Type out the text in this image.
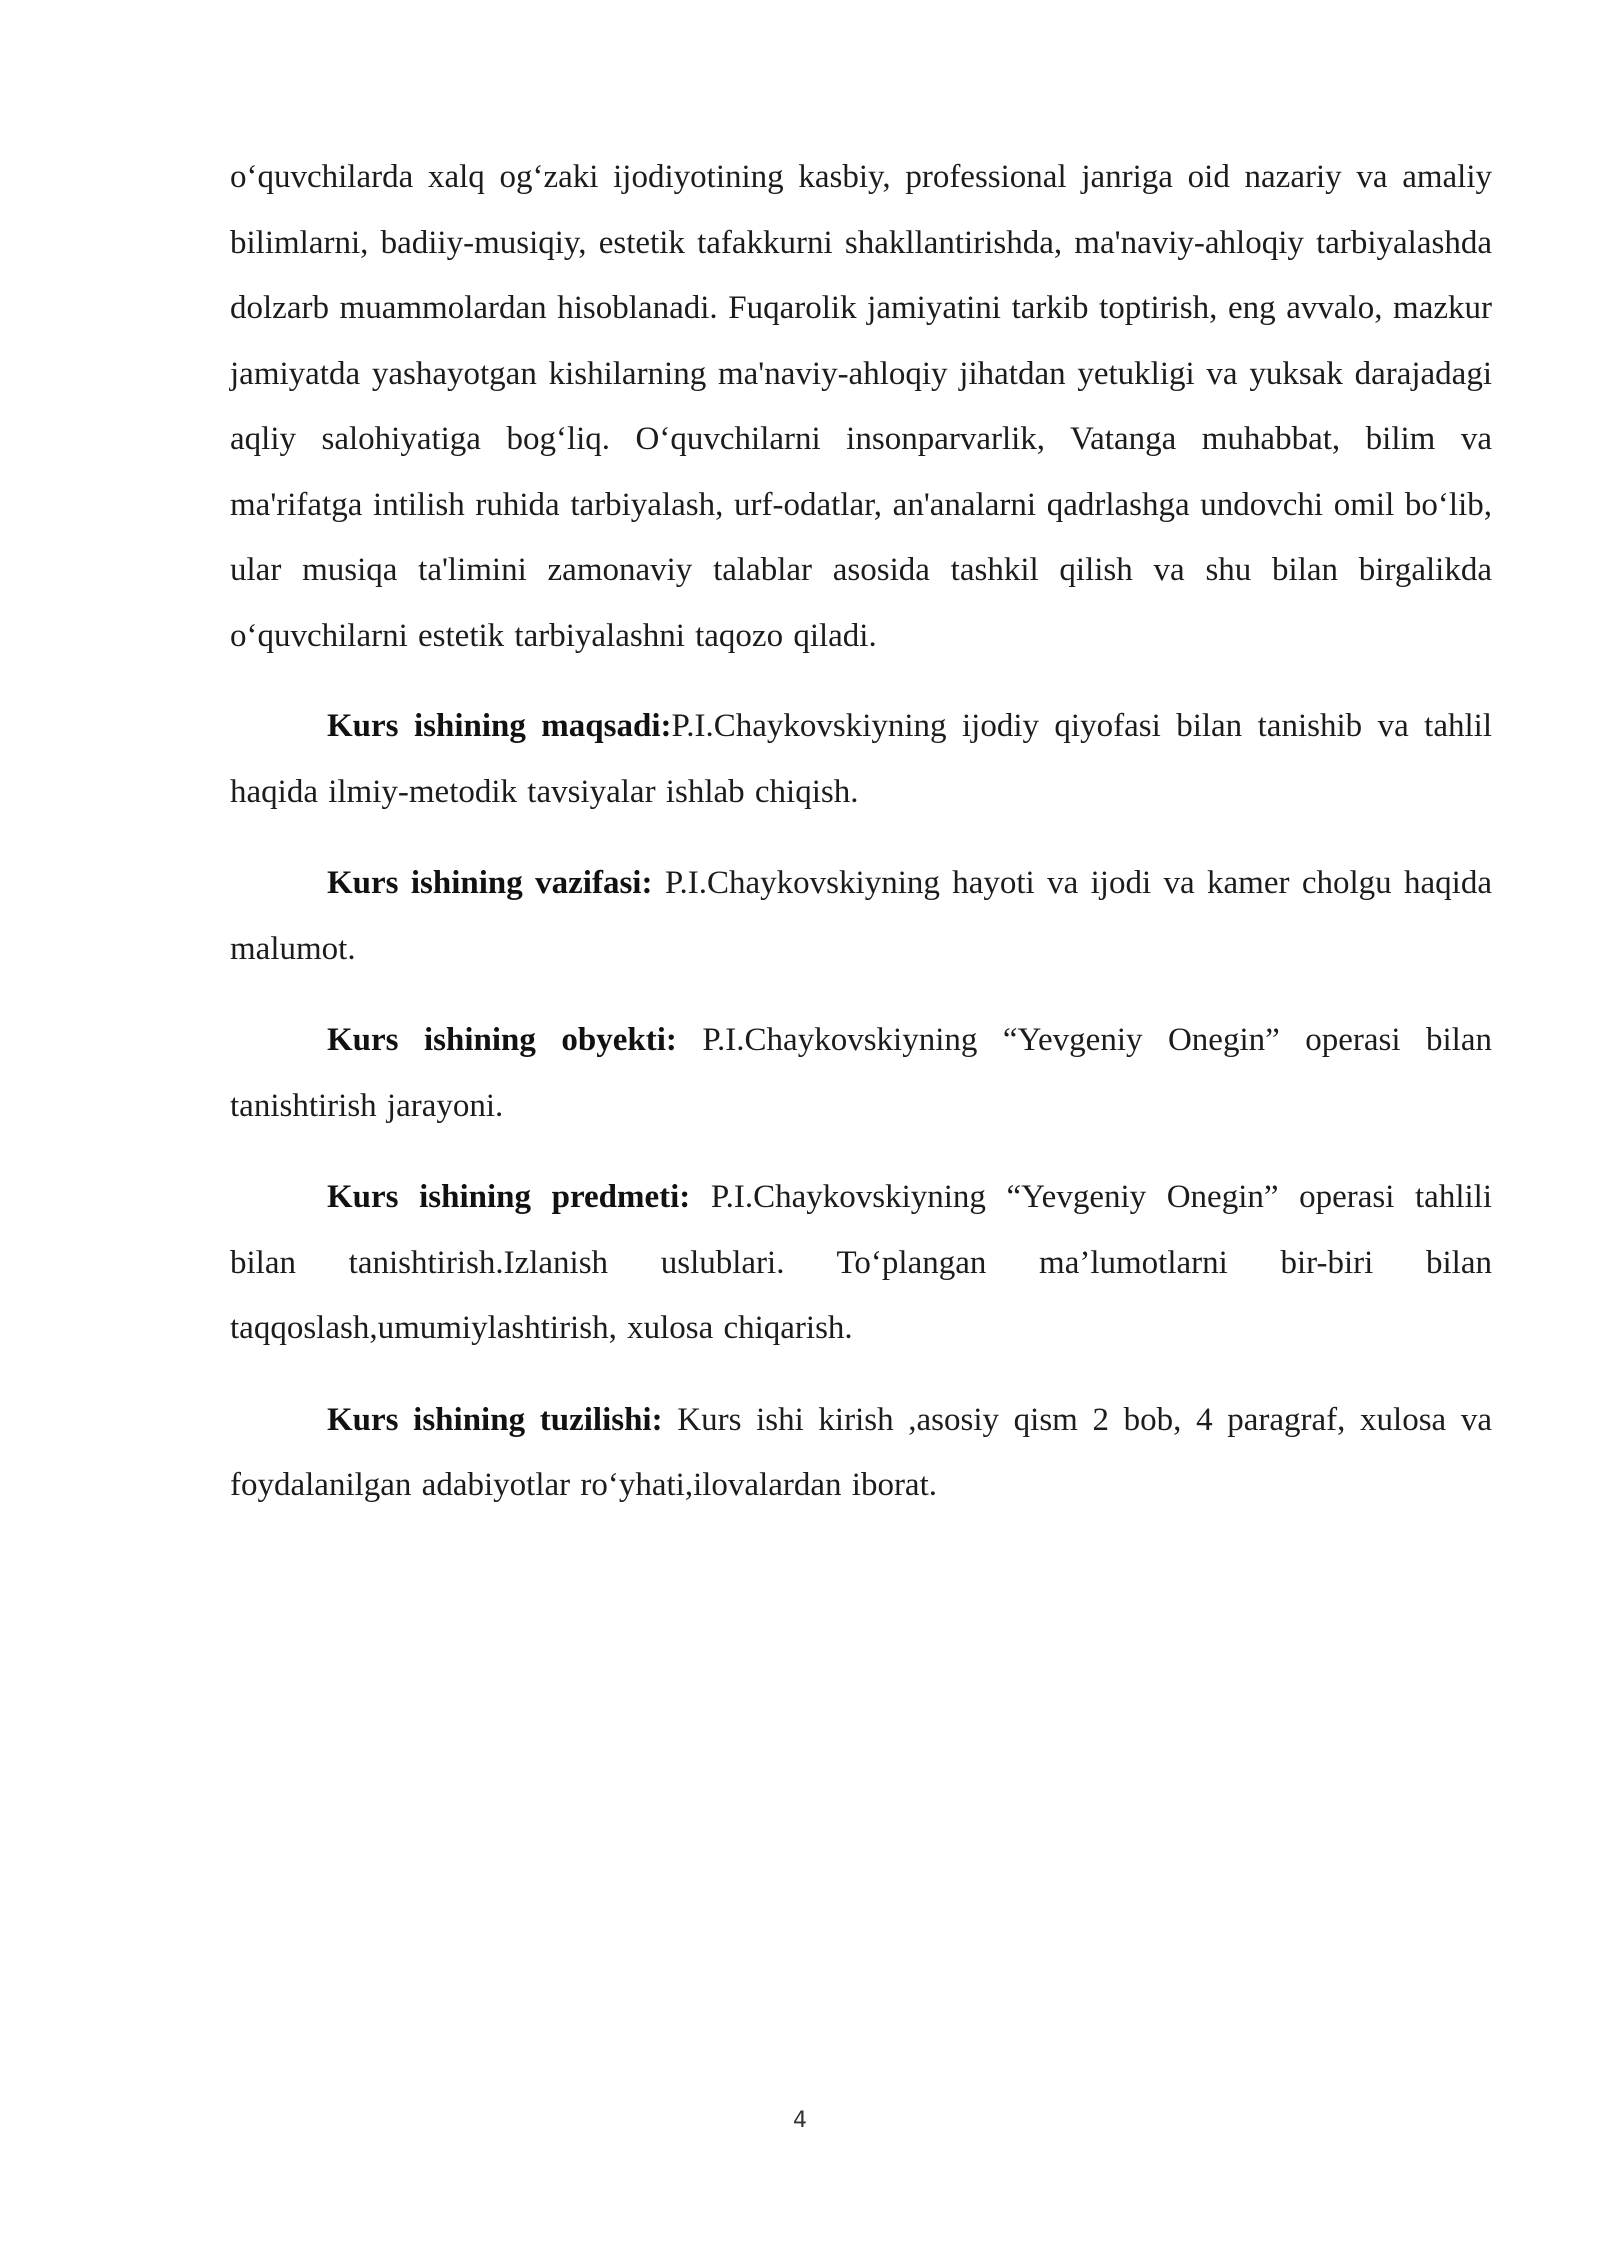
o‘quvchilarda xalq og‘zaki ijodiyotining kasbiy, professional janriga oid nazariy va amaliy bilimlarni, badiiy-musiqiy, estetik tafakkurni shakllantirishda, ma'naviy-ahloqiy tarbiyalashda dolzarb muammolardan hisoblanadi. Fuqarolik jamiyatini tarkib toptirish, eng avvalo, mazkur jamiyatda yashayotgan kishilarning ma'naviy-ahloqiy jihatdan yetukligi va yuksak darajadagi aqliy salohiyatiga bog‘liq. O‘quvchilarni insonparvarlik, Vatanga muhabbat, bilim va ma'rifatga intilish ruhida tarbiyalash, urf-odatlar, an'analarni qadrlashga undovchi omil bo‘lib, ular musiqa ta'limini zamonaviy talablar asosida tashkil qilish va shu bilan birgalikda o‘quvchilarni estetik tarbiyalashni taqozo qiladi.

Kurs ishining maqsadi:P.I.Chaykovskiyning ijodiy qiyofasi bilan tanishib va tahlil haqida ilmiy-metodik tavsiyalar ishlab chiqish.

Kurs ishining vazifasi: P.I.Chaykovskiyning hayoti va ijodi va kamer cholgu haqida malumot.

Kurs ishining obyekti: P.I.Chaykovskiyning “Yevgeniy Onegin” operasi bilan tanishtirish jarayoni.

Kurs ishining predmeti: P.I.Chaykovskiyning “Yevgeniy Onegin” operasi tahlili bilan tanishtirish.Izlanish uslublari. To‘plangan ma’lumotlarni bir-biri bilan taqqoslash,umumiylashtirish, xulosa chiqarish.

Kurs ishining tuzilishi: Kurs ishi kirish ,asosiy qism 2 bob, 4 paragraf, xulosa va foydalanilgan adabiyotlar ro‘yhati,ilovalardan iborat.

4
